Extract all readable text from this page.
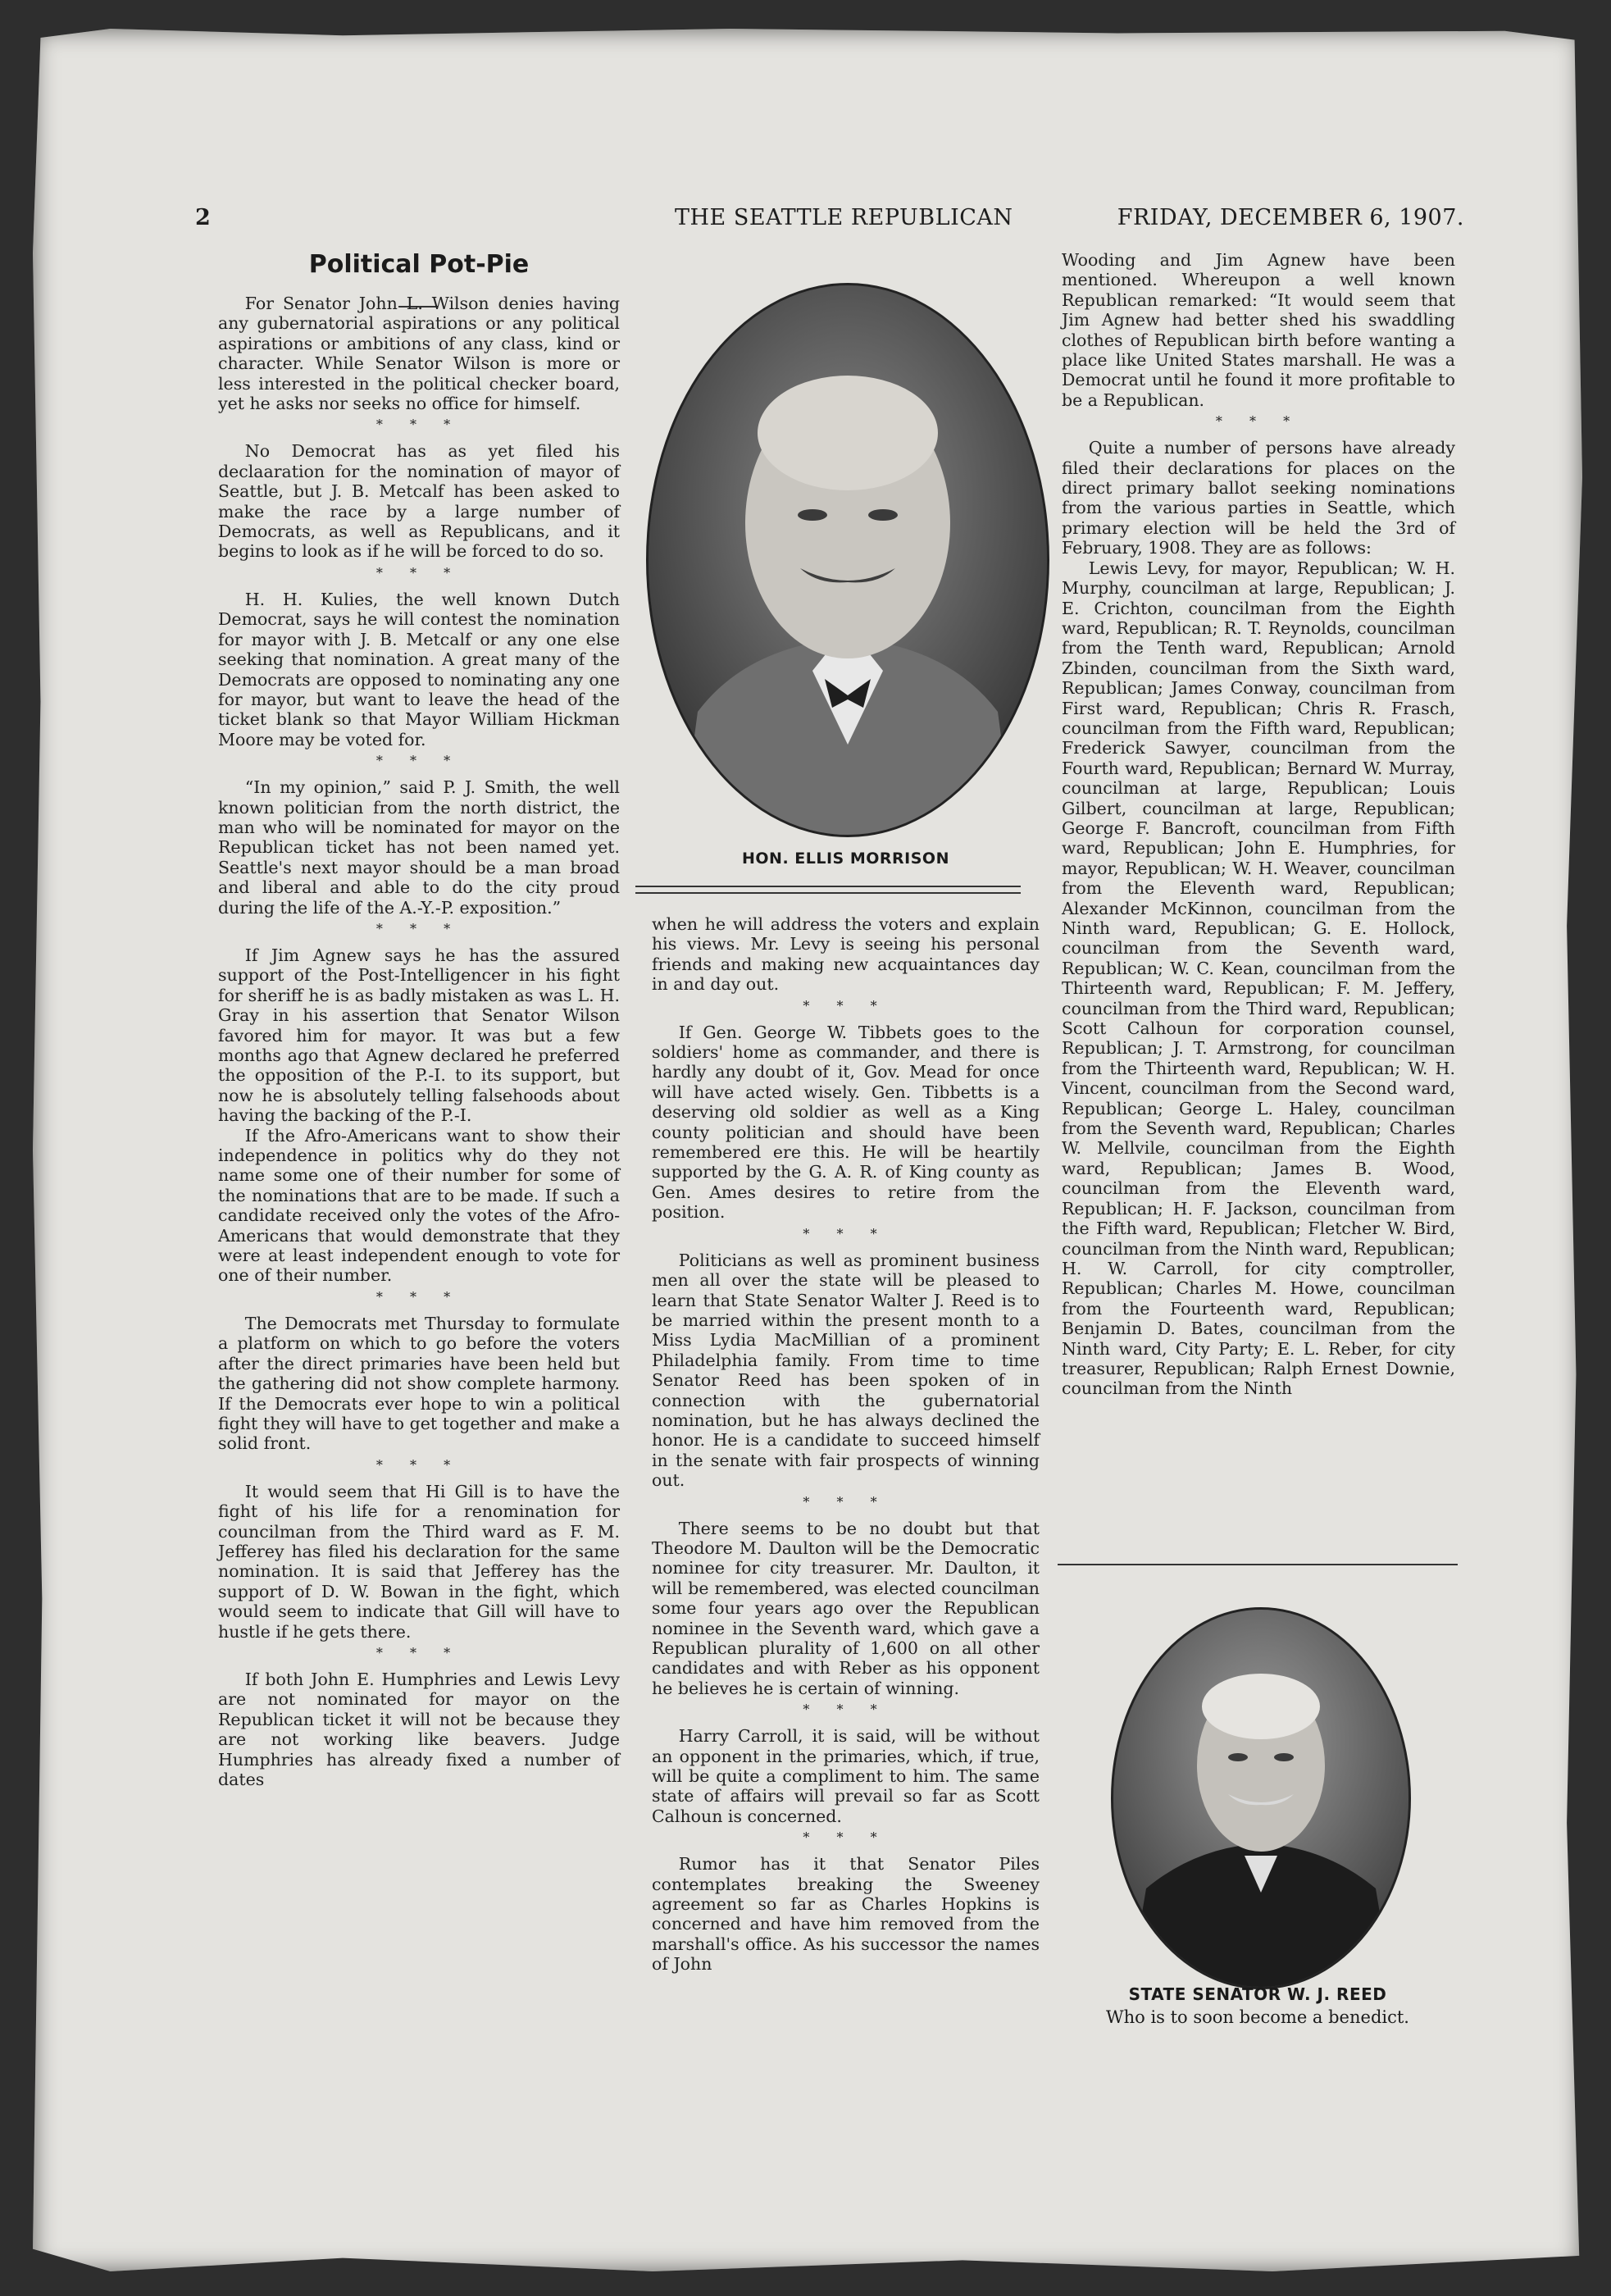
2	THE SEATTLE REPUBLICAN	FRIDAY, DECEMBER 6, 1907.
Political Pot-Pie

For Senator John L. Wilson denies having any gubernatorial aspirations or any political aspirations or ambitions of any class, kind or character. While Senator Wilson is more or less interested in the political checker board, yet he asks nor seeks no office for himself.

* * *

No Democrat has as yet filed his declaaration for the nomination of mayor of Seattle, but J. B. Metcalf has been asked to make the race by a large number of Democrats, as well as Republicans, and it begins to look as if he will be forced to do so.

* * *

H. H. Kulies, the well known Dutch Democrat, says he will contest the nomination for mayor with J. B. Metcalf or any one else seeking that nomination. A great many of the Democrats are opposed to nominating any one for mayor, but want to leave the head of the ticket blank so that Mayor William Hickman Moore may be voted for.

* * *

“In my opinion,” said P. J. Smith, the well known politician from the north district, the man who will be nominated for mayor on the Republican ticket has not been named yet. Seattle's next mayor should be a man broad and liberal and able to do the city proud during the life of the A.-Y.-P. exposition.”

* * *

If Jim Agnew says he has the assured support of the Post-Intelligencer in his fight for sheriff he is as badly mistaken as was L. H. Gray in his assertion that Senator Wilson favored him for mayor. It was but a few months ago that Agnew declared he preferred the opposition of the P.-I. to its support, but now he is absolutely telling falsehoods about having the backing of the P.-I.

If the Afro-Americans want to show their independence in politics why do they not name some one of their number for some of the nominations that are to be made. If such a candidate received only the votes of the Afro-Americans that would demonstrate that they were at least independent enough to vote for one of their number.

* * *

The Democrats met Thursday to formulate a platform on which to go before the voters after the direct primaries have been held but the gathering did not show complete harmony. If the Democrats ever hope to win a political fight they will have to get together and make a solid front.

* * *

It would seem that Hi Gill is to have the fight of his life for a renomination for councilman from the Third ward as F. M. Jefferey has filed his declaration for the same nomination. It is said that Jefferey has the support of D. W. Bowan in the fight, which would seem to indicate that Gill will have to hustle if he gets there.

* * *

If both John E. Humphries and Lewis Levy are not nominated for mayor on the Republican ticket it will not be because they are not working like beavers. Judge Humphries has already fixed a number of dates

HON. ELLIS MORRISON

when he will address the voters and explain his views. Mr. Levy is seeing his personal friends and making new acquaintances day in and day out.

* * *

If Gen. George W. Tibbets goes to the soldiers' home as commander, and there is hardly any doubt of it, Gov. Mead for once will have acted wisely. Gen. Tibbetts is a deserving old soldier as well as a King county politician and should have been remembered ere this. He will be heartily supported by the G. A. R. of King county as Gen. Ames desires to retire from the position.

* * *

Politicians as well as prominent business men all over the state will be pleased to learn that State Senator Walter J. Reed is to be married within the present month to a Miss Lydia MacMillian of a prominent Philadelphia family. From time to time Senator Reed has been spoken of in connection with the gubernatorial nomination, but he has always declined the honor. He is a candidate to succeed himself in the senate with fair prospects of winning out.

* * *

There seems to be no doubt but that Theodore M. Daulton will be the Democratic nominee for city treasurer. Mr. Daulton, it will be remembered, was elected councilman some four years ago over the Republican nominee in the Seventh ward, which gave a Republican plurality of 1,600 on all other candidates and with Reber as his opponent he believes he is certain of winning.

* * *

Harry Carroll, it is said, will be without an opponent in the primaries, which, if true, will be quite a compliment to him. The same state of affairs will prevail so far as Scott Calhoun is concerned.

* * *

Rumor has it that Senator Piles contemplates breaking the Sweeney agreement so far as Charles Hopkins is concerned and have him removed from the marshall's office. As his successor the names of John

Wooding and Jim Agnew have been mentioned. Whereupon a well known Republican remarked: “It would seem that Jim Agnew had better shed his swaddling clothes of Republican birth before wanting a place like United States marshall. He was a Democrat until he found it more profitable to be a Republican.

* * *

Quite a number of persons have already filed their declarations for places on the direct primary ballot seeking nominations from the various parties in Seattle, which primary election will be held the 3rd of February, 1908. They are as follows:

Lewis Levy, for mayor, Republican; W. H. Murphy, councilman at large, Republican; J. E. Crichton, councilman from the Eighth ward, Republican; R. T. Reynolds, councilman from the Tenth ward, Republican; Arnold Zbinden, councilman from the Sixth ward, Republican; James Conway, councilman from First ward, Republican; Chris R. Frasch, councilman from the Fifth ward, Republican; Frederick Sawyer, councilman from the Fourth ward, Republican; Bernard W. Murray, councilman at large, Republican; Louis Gilbert, councilman at large, Republican; George F. Bancroft, councilman from Fifth ward, Republican; John E. Humphries, for mayor, Republican; W. H. Weaver, councilman from the Eleventh ward, Republican; Alexander McKinnon, councilman from the Ninth ward, Republican; G. E. Hollock, councilman from the Seventh ward, Republican; W. C. Kean, councilman from the Thirteenth ward, Republican; F. M. Jeffery, councilman from the Third ward, Republican; Scott Calhoun for corporation counsel, Republican; J. T. Armstrong, for councilman from the Thirteenth ward, Republican; W. H. Vincent, councilman from the Second ward, Republican; George L. Haley, councilman from the Seventh ward, Republican; Charles W. Mellvile, councilman from the Eighth ward, Republican; James B. Wood, councilman from the Eleventh ward, Republican; H. F. Jackson, councilman from the Fifth ward, Republican; Fletcher W. Bird, councilman from the Ninth ward, Republican; H. W. Carroll, for city comptroller, Republican; Charles M. Howe, councilman from the Fourteenth ward, Republican; Benjamin D. Bates, councilman from the Ninth ward, City Party; E. L. Reber, for city treasurer, Republican; Ralph Ernest Downie, councilman from the Ninth

STATE SENATOR W. J. REED
Who is to soon become a benedict.
